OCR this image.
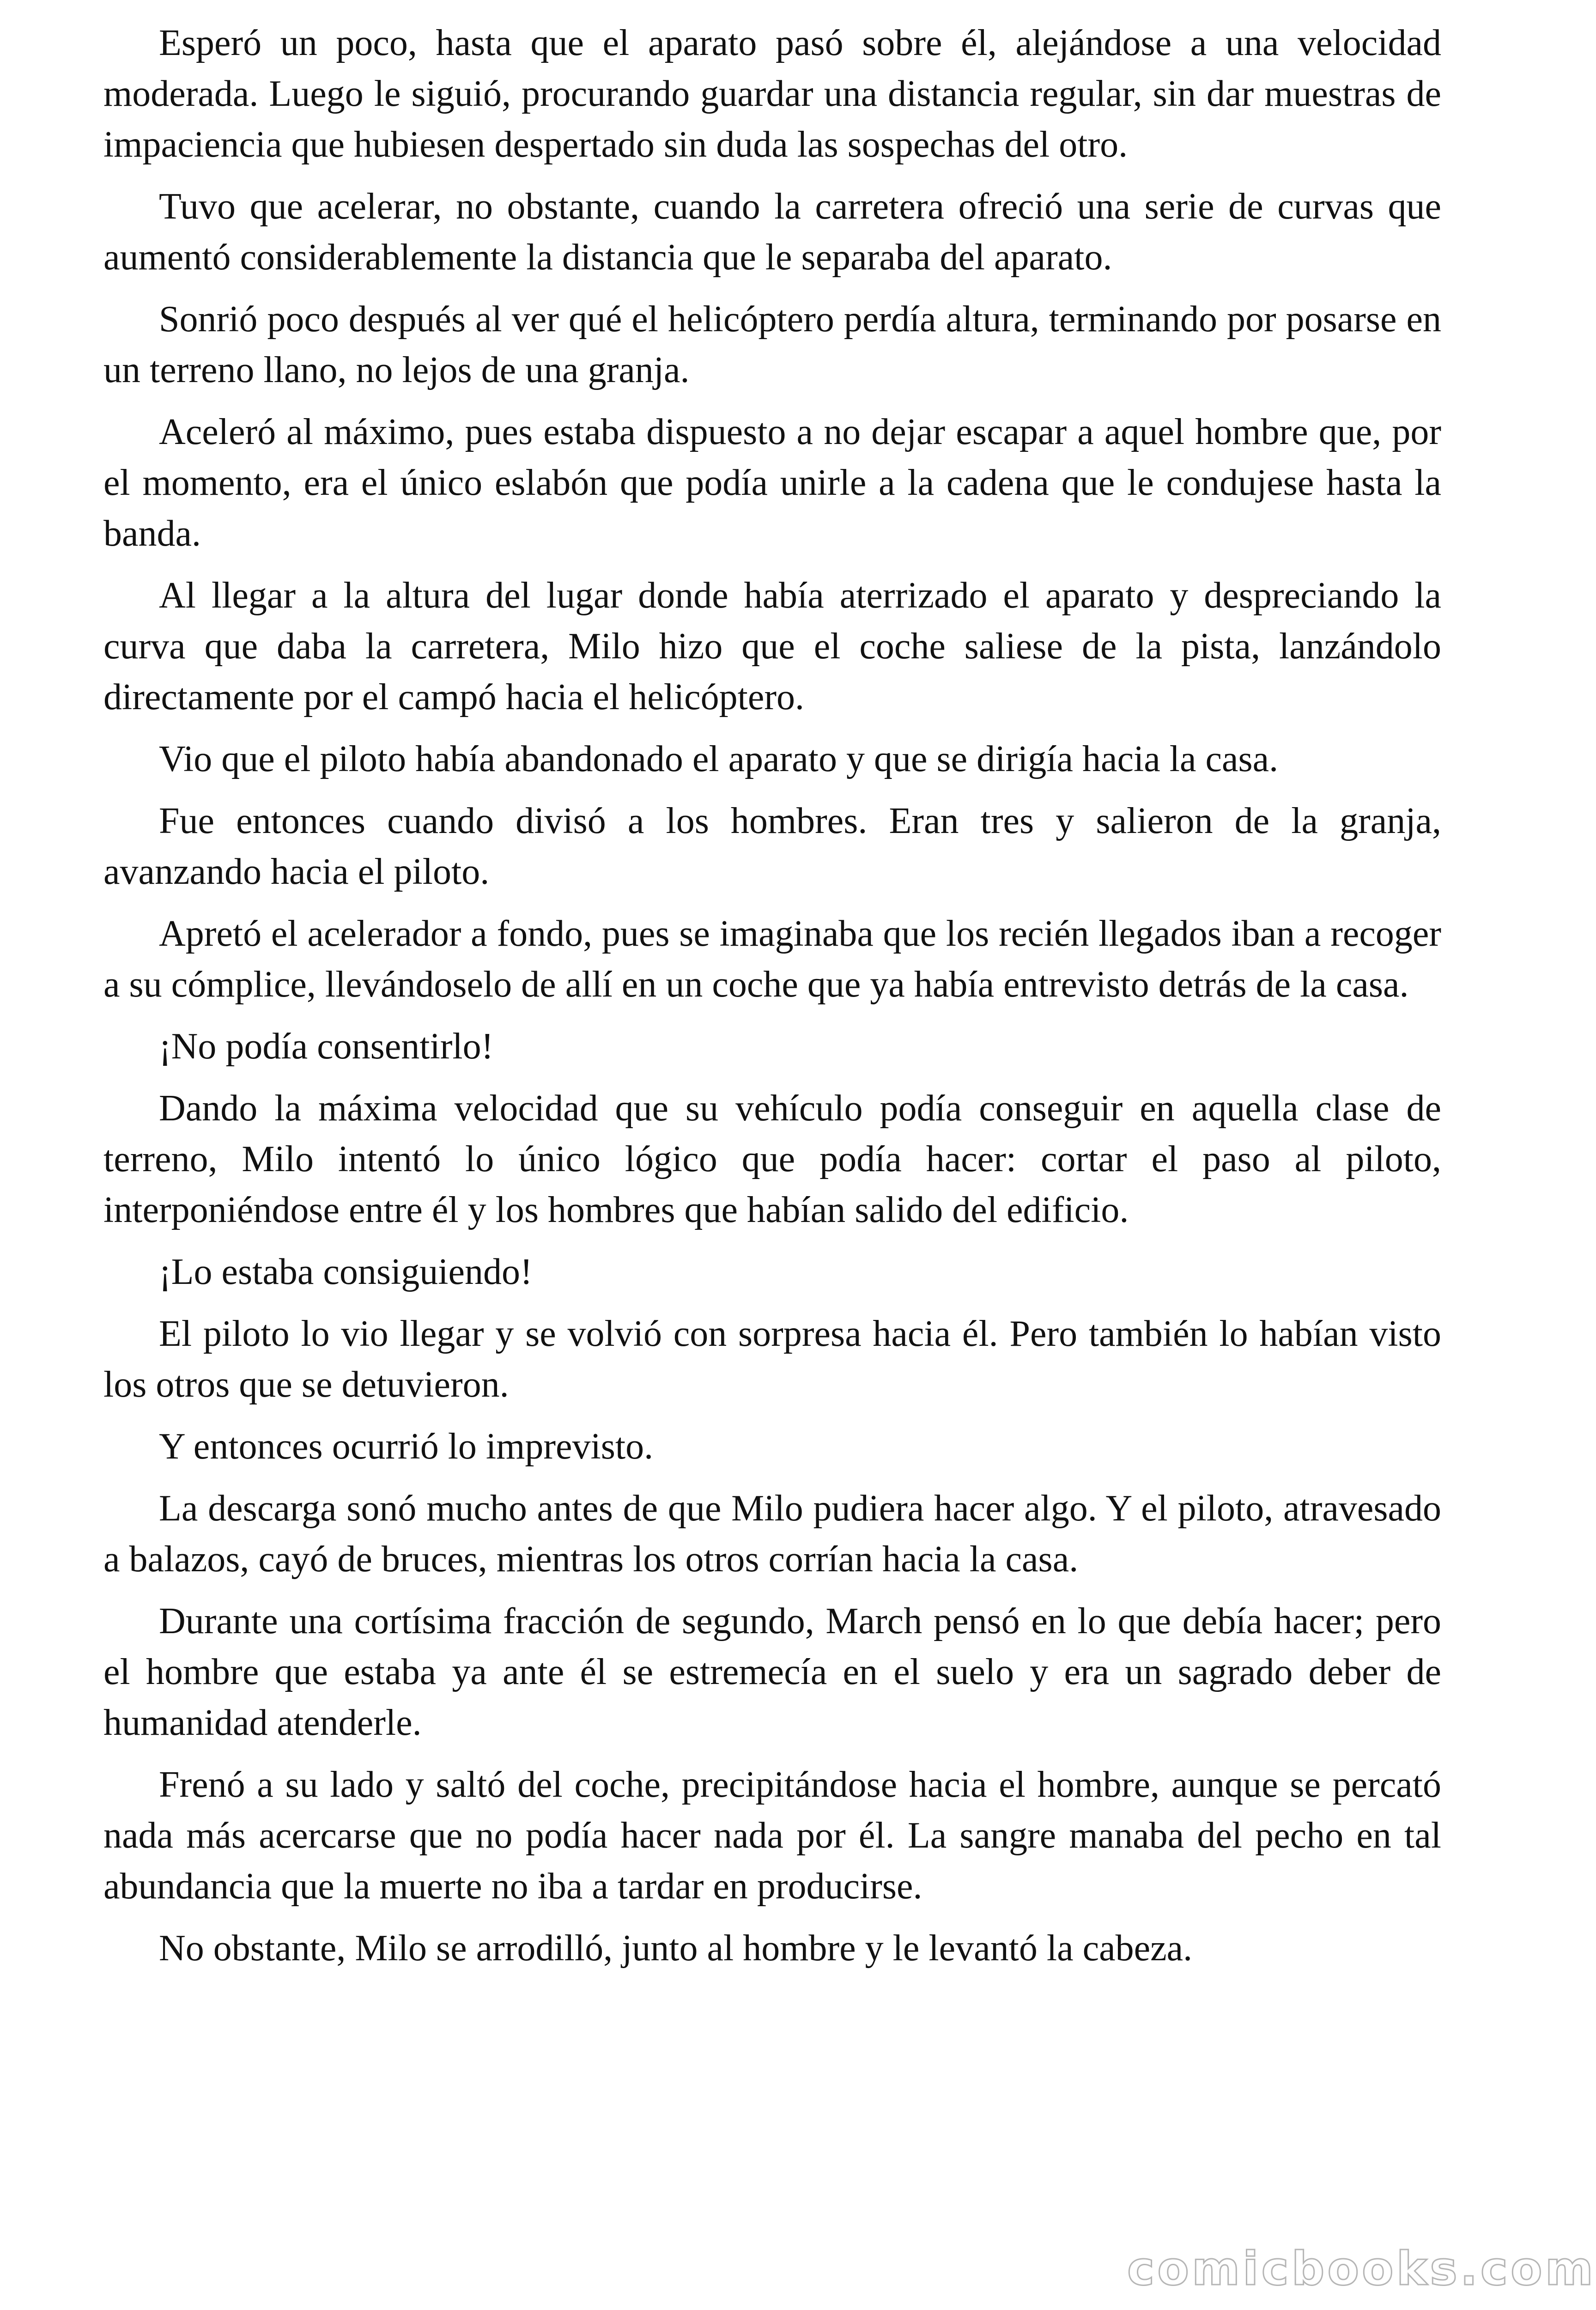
Esperó un poco, hasta que el aparato pasó sobre él, alejándose a una velocidad moderada. Luego le siguió, procurando guardar una distancia regular, sin dar muestras de impaciencia que hubiesen despertado sin duda las sospechas del otro.

Tuvo que acelerar, no obstante, cuando la carretera ofreció una serie de curvas que aumentó considerablemente la distancia que le separaba del aparato.

Sonrió poco después al ver qué el helicóptero perdía altura, terminando por posarse en un terreno llano, no lejos de una granja.

Aceleró al máximo, pues estaba dispuesto a no dejar escapar a aquel hombre que, por el momento, era el único eslabón que podía unirle a la cadena que le condujese hasta la banda.

Al llegar a la altura del lugar donde había aterrizado el aparato y despreciando la curva que daba la carretera, Milo hizo que el coche saliese de la pista, lanzándolo directamente por el campó hacia el helicóptero.

Vio que el piloto había abandonado el aparato y que se dirigía hacia la casa.

Fue entonces cuando divisó a los hombres. Eran tres y salieron de la granja, avanzando hacia el piloto.

Apretó el acelerador a fondo, pues se imaginaba que los recién llegados iban a recoger a su cómplice, llevándoselo de allí en un coche que ya había entrevisto detrás de la casa.

¡No podía consentirlo!

Dando la máxima velocidad que su vehículo podía conseguir en aquella clase de terreno, Milo intentó lo único lógico que podía hacer: cortar el paso al piloto, interponiéndose entre él y los hombres que habían salido del edificio.

¡Lo estaba consiguiendo!

El piloto lo vio llegar y se volvió con sorpresa hacia él. Pero también lo habían visto los otros que se detuvieron.

Y entonces ocurrió lo imprevisto.

La descarga sonó mucho antes de que Milo pudiera hacer algo. Y el piloto, atravesado a balazos, cayó de bruces, mientras los otros corrían hacia la casa.

Durante una cortísima fracción de segundo, March pensó en lo que debía hacer; pero el hombre que estaba ya ante él se estremecía en el suelo y era un sagrado deber de humanidad atenderle.

Frenó a su lado y saltó del coche, precipitándose hacia el hombre, aunque se percató nada más acercarse que no podía hacer nada por él. La sangre manaba del pecho en tal abundancia que la muerte no iba a tardar en producirse.

No obstante, Milo se arrodilló, junto al hombre y le levantó la cabeza.

comicbooks.com
